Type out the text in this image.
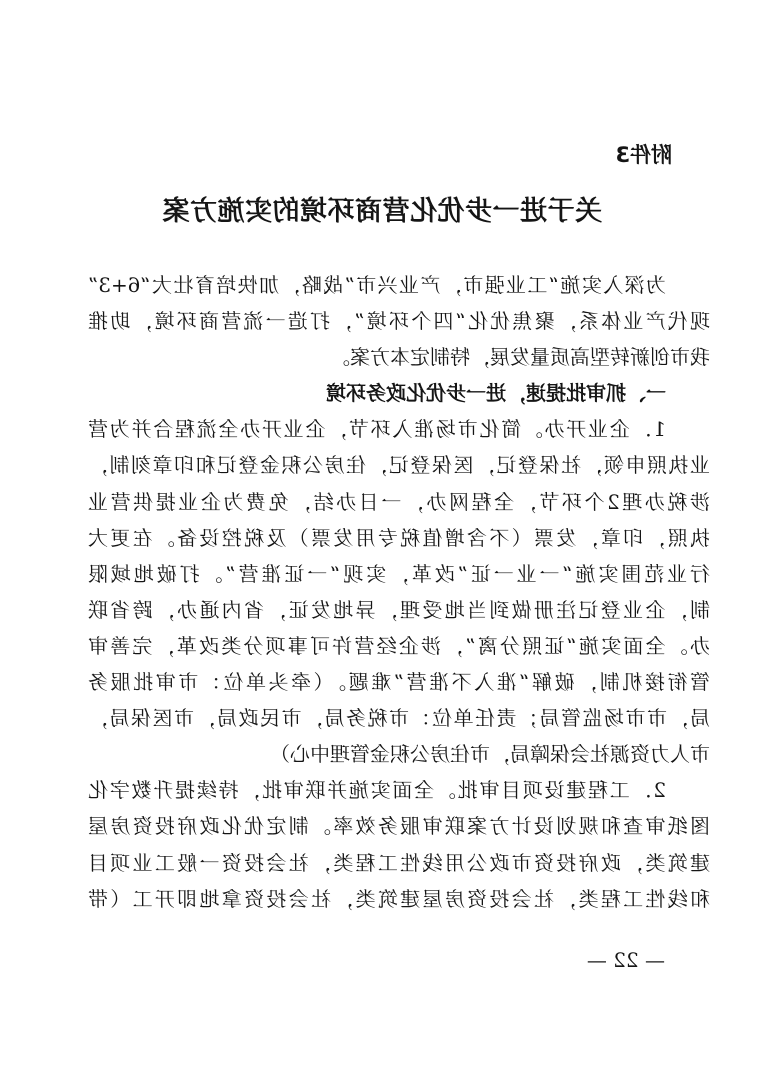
附件3
关于进一步优化营商环境的实施方案
为深入实施“工业强市，产业兴市”战略，加快培育壮大“6+3”
现代产业体系，聚焦优化“四个环境”，打造一流营商环境，助推
我市创新转型高质量发展，特制定本方案。
一、抓审批提速，进一步优化政务环境
1．企业开办。简化市场准入环节，企业开办全流程合并为营
业执照申领，社保登记，医保登记，住房公积金登记和印章刻制，
涉税办理2个环节，全程网办，一日办结，免费为企业提供营业
执照，印章，发票（不含增值税专用发票）及税控设备。在更大
行业范围实施“一业一证”改革，实现“一证准营”。打破地域限
制，企业登记注册做到当地受理，异地发证，省内通办，跨省联
办。全面实施“证照分离”，涉企经营许可事项分类改革，完善审
管衔接机制，破解“准入不准营”难题。（牵头单位：市审批服务
局，市市场监管局；责任单位：市税务局，市民政局，市医保局，
市人力资源社会保障局，市住房公积金管理中心）
2．工程建设项目审批。全面实施并联审批，持续提升数字化
图纸审查和规划设计方案联审服务效率。制定优化政府投资房屋
建筑类，政府投资市政公用线性工程类，社会投资一般工业项目
和线性工程类，社会投资房屋建筑类，社会投资拿地即开工（带
— 22 —
